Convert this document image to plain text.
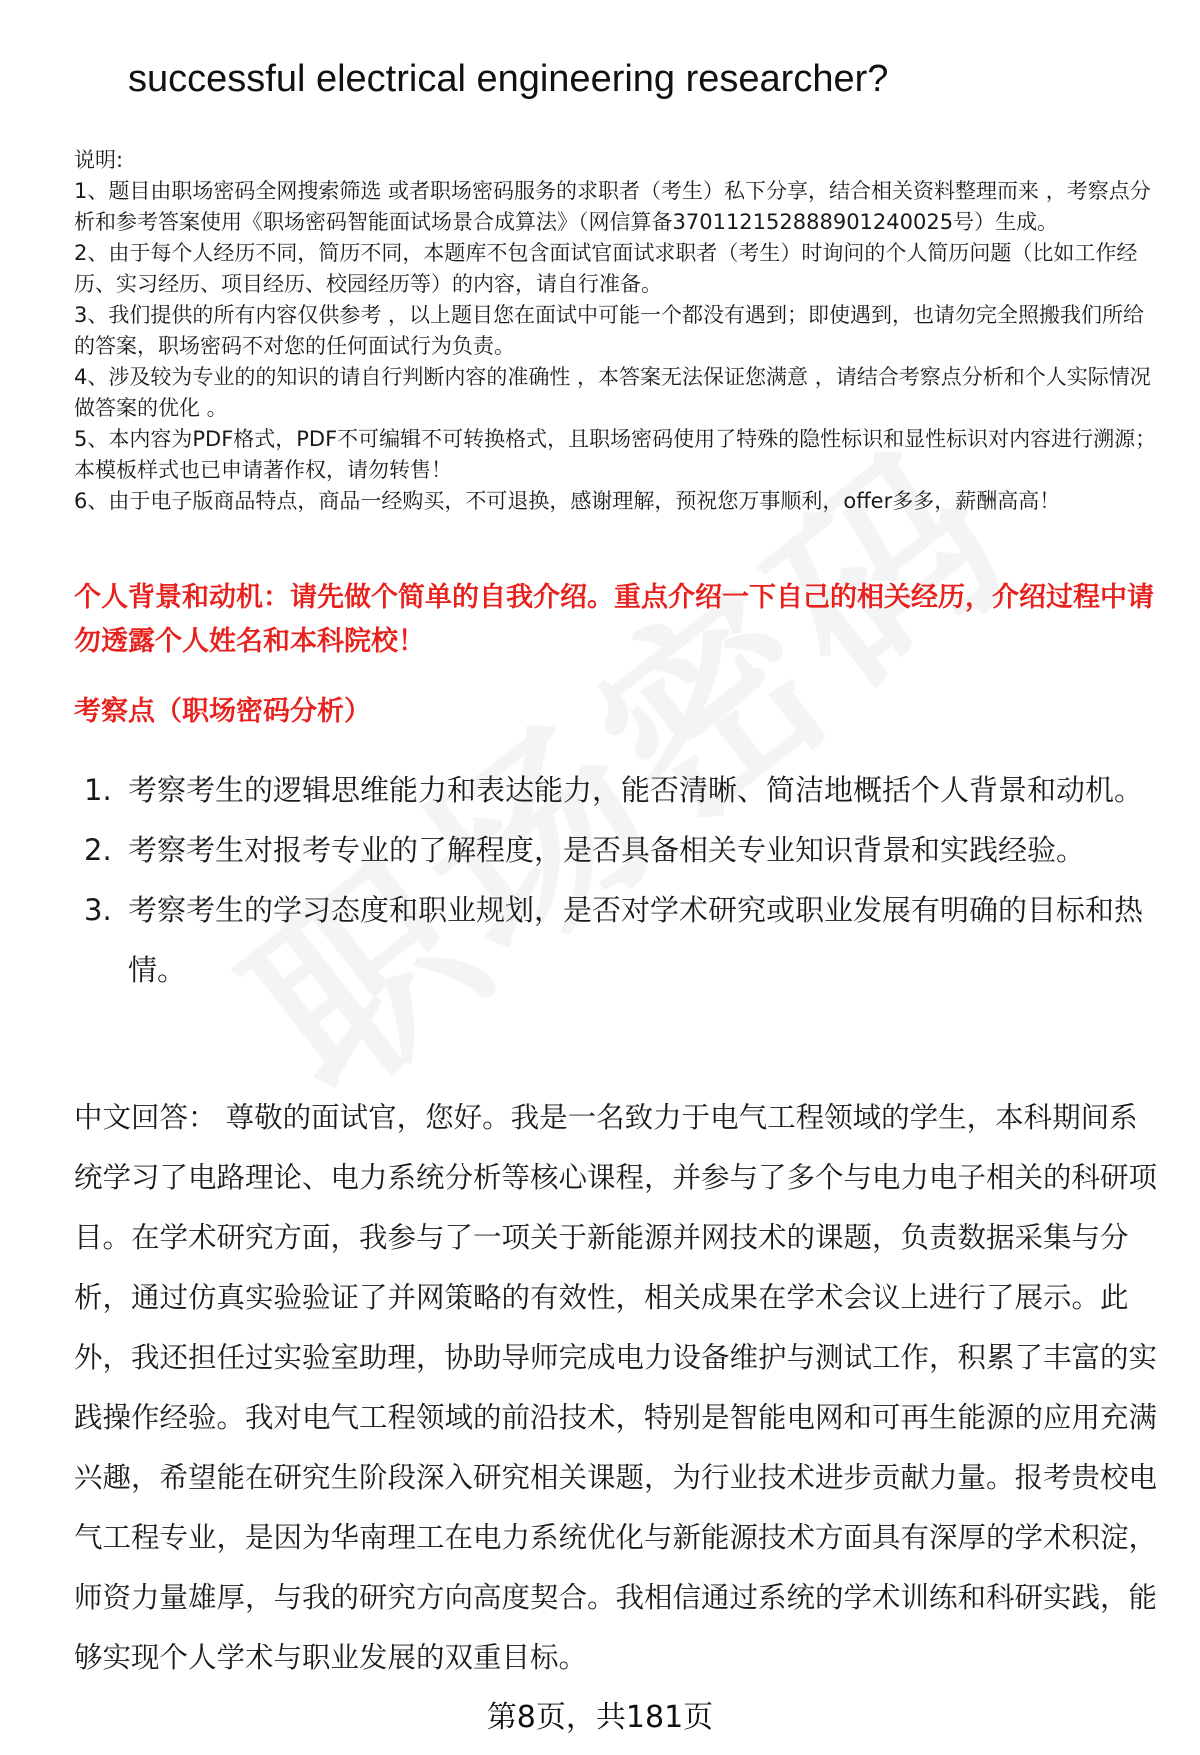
successful electrical engineering researcher?

说明:

1、题目由职场密码全网搜索筛选 或者职场密码服务的求职者（考生）私下分享，结合相关资料整理而来 ，考察点分析和参考答案使用《职场密码智能面试场景合成算法》（网信算备370112152888901240025号）生成。

2、由于每个人经历不同，简历不同，本题库不包含面试官面试求职者（考生）时询问的个人简历问题（比如工作经历、实习经历、项目经历、校园经历等）的内容，请自行准备。

3、我们提供的所有内容仅供参考 ，以上题目您在面试中可能一个都没有遇到；即使遇到，也请勿完全照搬我们所给的答案，职场密码不对您的任何面试行为负责。

4、涉及较为专业的的知识的请自行判断内容的准确性 ，本答案无法保证您满意 ，请结合考察点分析和个人实际情况做答案的优化 。

5、本内容为PDF格式，PDF不可编辑不可转换格式，且职场密码使用了特殊的隐性标识和显性标识对内容进行溯源；本模板样式也已申请著作权，请勿转售！

6、由于电子版商品特点，商品一经购买，不可退换，感谢理解，预祝您万事顺利，offer多多，薪酬高高！

个人背景和动机：请先做个简单的自我介绍。重点介绍一下自己的相关经历，介绍过程中请勿透露个人姓名和本科院校！
考察点（职场密码分析）
1. 考察考生的逻辑思维能力和表达能力，能否清晰、简洁地概括个人背景和动机。
2. 考察考生对报考专业的了解程度，是否具备相关专业知识背景和实践经验。
3. 考察考生的学习态度和职业规划，是否对学术研究或职业发展有明确的目标和热情。

中文回答： 尊敬的面试官，您好。我是一名致力于电气工程领域的学生，本科期间系统学习了电路理论、电力系统分析等核心课程，并参与了多个与电力电子相关的科研项目。在学术研究方面，我参与了一项关于新能源并网技术的课题，负责数据采集与分析，通过仿真实验验证了并网策略的有效性，相关成果在学术会议上进行了展示。此外，我还担任过实验室助理，协助导师完成电力设备维护与测试工作，积累了丰富的实践操作经验。我对电气工程领域的前沿技术，特别是智能电网和可再生能源的应用充满兴趣，希望能在研究生阶段深入研究相关课题，为行业技术进步贡献力量。报考贵校电气工程专业，是因为华南理工在电力系统优化与新能源技术方面具有深厚的学术积淀，师资力量雄厚，与我的研究方向高度契合。我相信通过系统的学术训练和科研实践，能够实现个人学术与职业发展的双重目标。

第8页，共181页
